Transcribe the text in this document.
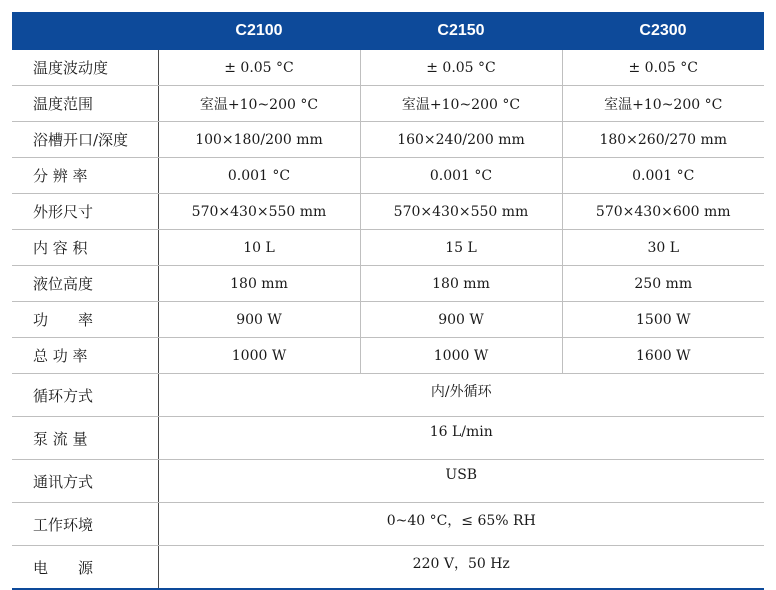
	C2100	C2150	C2300
温度波动度	± 0.05 °C	± 0.05 °C	± 0.05 °C
温度范围	室温+10~200 °C	室温+10~200 °C	室温+10~200 °C
浴槽开口/深度	100×180/200 mm	160×240/200 mm	180×260/270 mm
分 辨 率	0.001 °C	0.001 °C	0.001 °C
外形尺寸	570×430×550 mm	570×430×550 mm	570×430×600 mm
内 容 积	10 L	15 L	30 L
液位高度	180 mm	180 mm	250 mm
功　　率	900 W	900 W	1500 W
总 功 率	1000 W	1000 W	1600 W
循环方式	内/外循环		
泵 流 量	16 L/min		
通讯方式	USB		
工作环境	0~40 °C，≤ 65% RH		
电　　源	220 V，50 Hz		
